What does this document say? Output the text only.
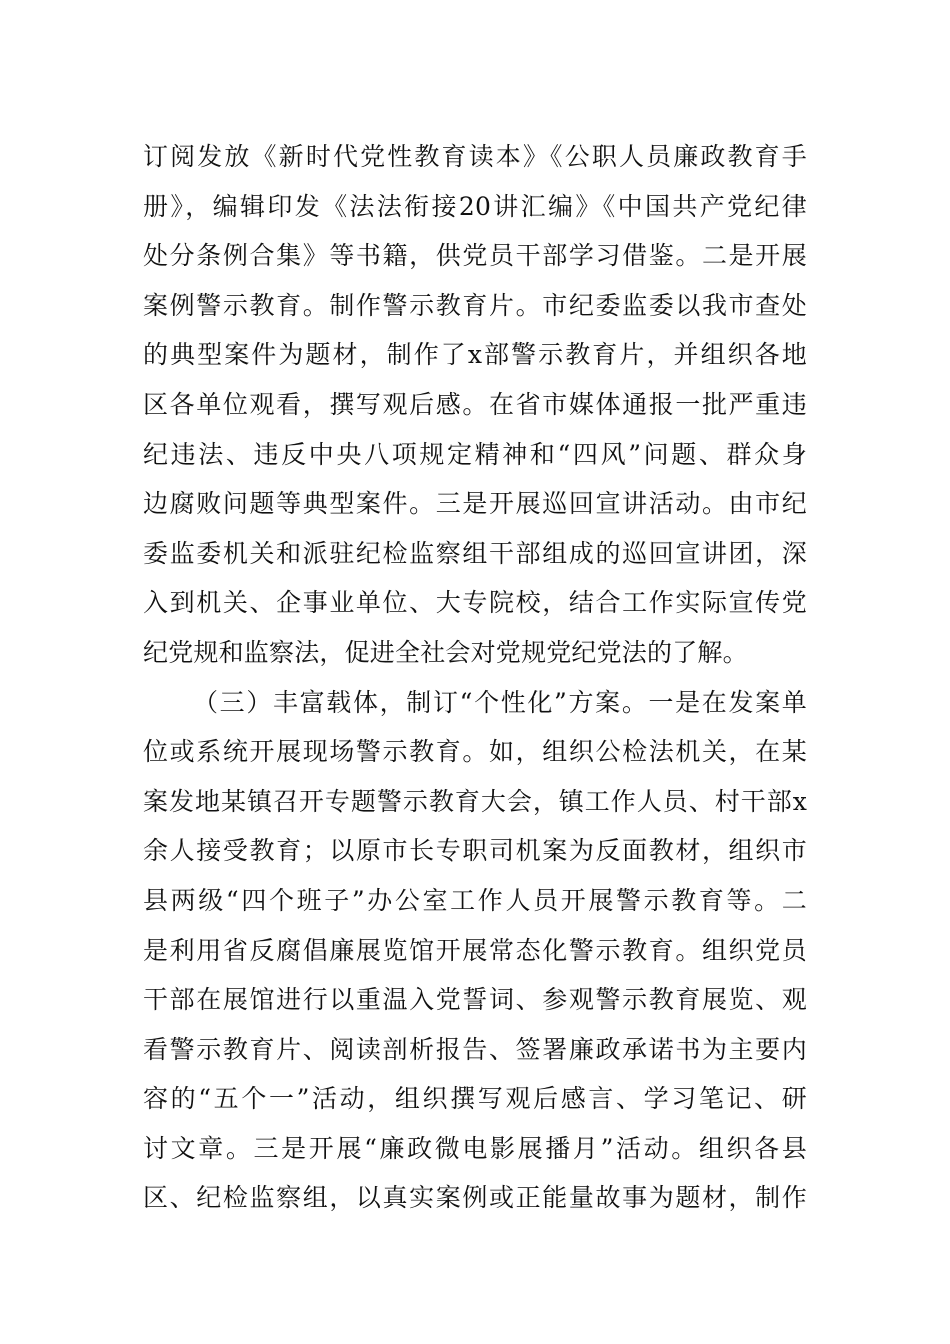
订阅发放《新时代党性教育读本》《公职人员廉政教育手
册》，编辑印发《法法衔接20讲汇编》《中国共产党纪律
处分条例合集》等书籍，供党员干部学习借鉴。二是开展
案例警示教育。制作警示教育片。市纪委监委以我市查处
的典型案件为题材，制作了x部警示教育片，并组织各地
区各单位观看，撰写观后感。在省市媒体通报一批严重违
纪违法、违反中央八项规定精神和“四风”问题、群众身
边腐败问题等典型案件。三是开展巡回宣讲活动。由市纪
委监委机关和派驻纪检监察组干部组成的巡回宣讲团，深
入到机关、企事业单位、大专院校，结合工作实际宣传党
纪党规和监察法，促进全社会对党规党纪党法的了解。
（三）丰富载体，制订“个性化”方案。一是在发案单
位或系统开展现场警示教育。如，组织公检法机关，在某
案发地某镇召开专题警示教育大会，镇工作人员、村干部x
余人接受教育；以原市长专职司机案为反面教材，组织市
县两级“四个班子”办公室工作人员开展警示教育等。二
是利用省反腐倡廉展览馆开展常态化警示教育。组织党员
干部在展馆进行以重温入党誓词、参观警示教育展览、观
看警示教育片、阅读剖析报告、签署廉政承诺书为主要内
容的“五个一”活动，组织撰写观后感言、学习笔记、研
讨文章。三是开展“廉政微电影展播月”活动。组织各县
区、纪检监察组，以真实案例或正能量故事为题材，制作
